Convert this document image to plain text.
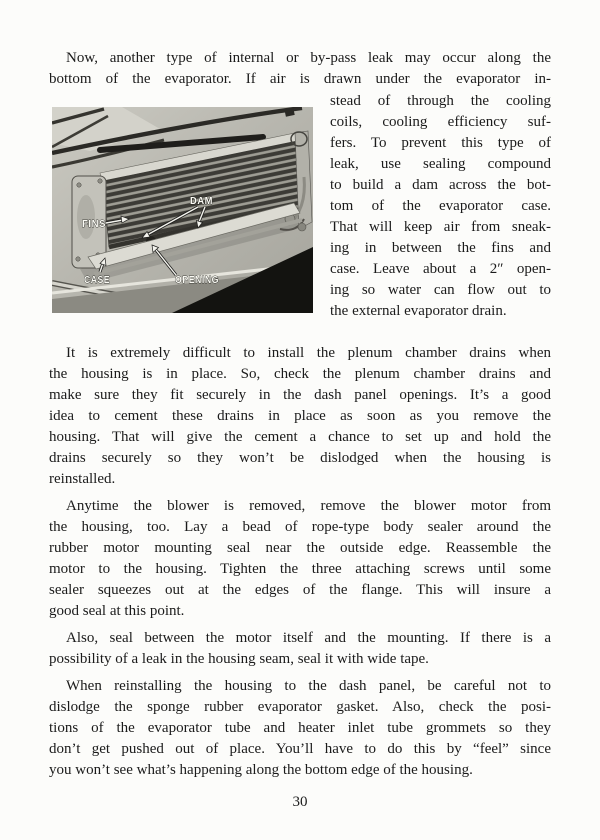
Now, another type of internal or by-pass leak may occur along the
bottom of the evaporator. If air is drawn under the evaporator in-
FINS
DAM
CASE	OPENING
stead of through the cooling
coils, cooling efficiency suf-
fers. To prevent this type of
leak, use sealing compound
to build a dam across the bot-
tom of the evaporator case.
That will keep air from sneak-
ing in between the fins and
case. Leave about a 2″ open-
ing so water can flow out to
the external evaporator drain.
It is extremely difficult to install the plenum chamber drains when
the housing is in place. So, check the plenum chamber drains and
make sure they fit securely in the dash panel openings. It’s a good
idea to cement these drains in place as soon as you remove the
housing. That will give the cement a chance to set up and hold the
drains securely so they won’t be dislodged when the housing is
reinstalled.
Anytime the blower is removed, remove the blower motor from
the housing, too. Lay a bead of rope-type body sealer around the
rubber motor mounting seal near the outside edge. Reassemble the
motor to the housing. Tighten the three attaching screws until some
sealer squeezes out at the edges of the flange. This will insure a
good seal at this point.
Also, seal between the motor itself and the mounting. If there is a
possibility of a leak in the housing seam, seal it with wide tape.
When reinstalling the housing to the dash panel, be careful not to
dislodge the sponge rubber evaporator gasket. Also, check the posi-
tions of the evaporator tube and heater inlet tube grommets so they
don’t get pushed out of place. You’ll have to do this by “feel” since
you won’t see what’s happening along the bottom edge of the housing.
30
